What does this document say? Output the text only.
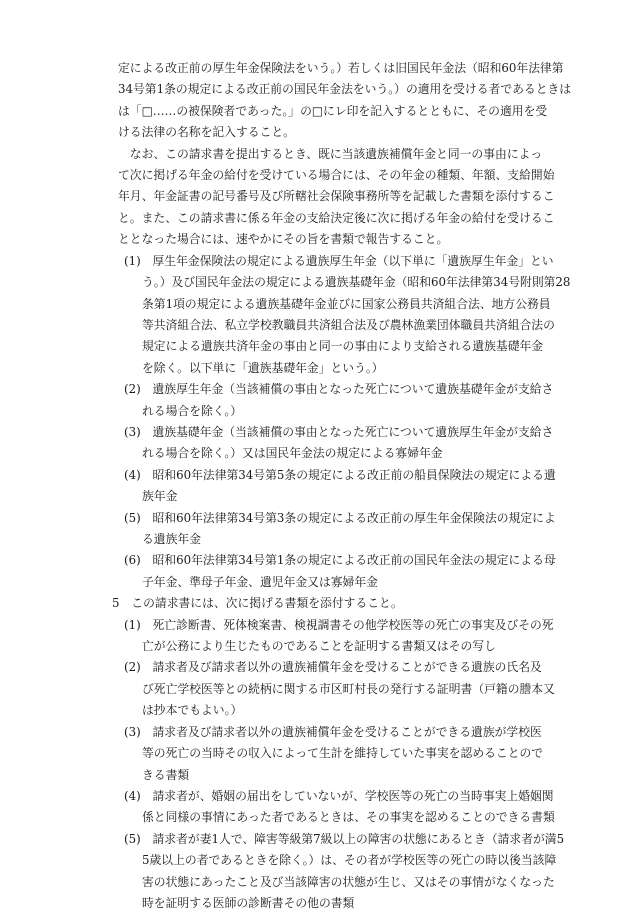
定による改正前の厚生年金保険法をいう。）若しくは旧国民年金法（昭和60年法律第
34号第1条の規定による改正前の国民年金法をいう。）の適用を受ける者であるときは
は「□……の被保険者であった。」の□にレ印を記入するとともに、その適用を受
ける法律の名称を記入すること。
　なお、この請求書を提出するとき、既に当該遺族補償年金と同一の事由によっ
て次に掲げる年金の給付を受けている場合には、その年金の種類、年額、支給開始
年月、年金証書の記号番号及び所轄社会保険事務所等を記載した書類を添付するこ
と。また、この請求書に係る年金の支給決定後に次に掲げる年金の給付を受けるこ
ととなった場合には、速やかにその旨を書類で報告すること。
(1)　厚生年金保険法の規定による遺族厚生年金（以下単に「遺族厚生年金」とい
う。）及び国民年金法の規定による遺族基礎年金（昭和60年法律第34号附則第28
条第1項の規定による遺族基礎年金並びに国家公務員共済組合法、地方公務員
等共済組合法、私立学校教職員共済組合法及び農林漁業団体職員共済組合法の
規定による遺族共済年金の事由と同一の事由により支給される遺族基礎年金
を除く。以下単に「遺族基礎年金」という。）
(2)　遺族厚生年金（当該補償の事由となった死亡について遺族基礎年金が支給さ
れる場合を除く。）
(3)　遺族基礎年金（当該補償の事由となった死亡について遺族厚生年金が支給さ
れる場合を除く。）又は国民年金法の規定による寡婦年金
(4)　昭和60年法律第34号第5条の規定による改正前の船員保険法の規定による遺
族年金
(5)　昭和60年法律第34号第3条の規定による改正前の厚生年金保険法の規定によ
る遺族年金
(6)　昭和60年法律第34号第1条の規定による改正前の国民年金法の規定による母
子年金、準母子年金、遺児年金又は寡婦年金
5　この請求書には、次に掲げる書類を添付すること。
(1)　死亡診断書、死体検案書、検視調書その他学校医等の死亡の事実及びその死
亡が公務により生じたものであることを証明する書類又はその写し
(2)　請求者及び請求者以外の遺族補償年金を受けることができる遺族の氏名及
び死亡学校医等との続柄に関する市区町村長の発行する証明書（戸籍の謄本又
は抄本でもよい。）
(3)　請求者及び請求者以外の遺族補償年金を受けることができる遺族が学校医
等の死亡の当時その収入によって生計を維持していた事実を認めることので
きる書類
(4)　請求者が、婚姻の届出をしていないが、学校医等の死亡の当時事実上婚姻関
係と同様の事情にあった者であるときは、その事実を認めることのできる書類
(5)　請求者が妻1人で、障害等級第7級以上の障害の状態にあるとき（請求者が満5
5歳以上の者であるときを除く。）は、その者が学校医等の死亡の時以後当該障
害の状態にあったこと及び当該障害の状態が生じ、又はその事情がなくなった
時を証明する医師の診断書その他の書類
